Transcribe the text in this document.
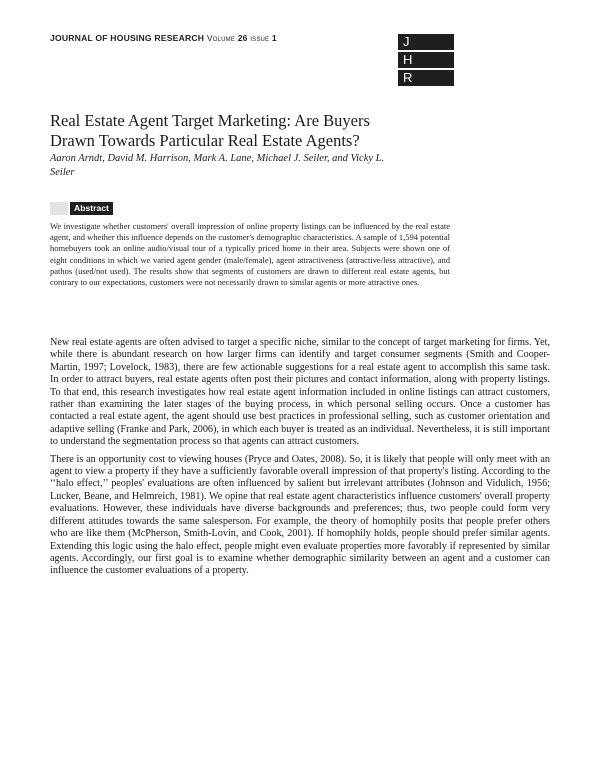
JOURNAL OF HOUSING RESEARCH Volume 26 issue 1	J
H
R
Real Estate Agent Target Marketing: Are Buyers
Drawn Towards Particular Real Estate Agents?
Aaron Arndt, David M. Harrison, Mark A. Lane, Michael J. Seiler, and Vicky L.
Seiler
Abstract
We investigate whether customers' overall impression of online property listings can be influenced by the real estate agent, and whether this influence depends on the customer's demographic characteristics. A sample of 1,594 potential homebuyers took an online audio/visual tour of a typically priced home in their area. Subjects were shown one of eight conditions in which we varied agent gender (male/female), agent attractiveness (attractive/less attractive), and pathos (used/not used). The results show that segments of customers are drawn to different real estate agents, but contrary to our expectations, customers were not necessarily drawn to similar agents or more attractive ones.

New real estate agents are often advised to target a specific niche, similar to the concept of target marketing for firms. Yet, while there is abundant research on how larger firms can identify and target consumer segments (Smith and Cooper-Martin, 1997; Lovelock, 1983), there are few actionable suggestions for a real estate agent to accomplish this same task. In order to attract buyers, real estate agents often post their pictures and contact information, along with property listings. To that end, this research investigates how real estate agent information included in online listings can attract customers, rather than examining the later stages of the buying process, in which personal selling occurs. Once a customer has contacted a real estate agent, the agent should use best practices in professional selling, such as customer orientation and adaptive selling (Franke and Park, 2006), in which each buyer is treated as an individual. Nevertheless, it is still important to understand the segmentation process so that agents can attract customers.

There is an opportunity cost to viewing houses (Pryce and Oates, 2008). So, it is likely that people will only meet with an agent to view a property if they have a sufficiently favorable overall impression of that property's listing. According to the ‘‘halo effect,’’ peoples' evaluations are often influenced by salient but irrelevant attributes (Johnson and Vidulich, 1956; Lucker, Beane, and Helmreich, 1981). We opine that real estate agent characteristics influence customers' overall property evaluations. However, these individuals have diverse backgrounds and preferences; thus, two people could form very different attitudes towards the same salesperson. For example, the theory of homophily posits that people prefer others who are like them (McPherson, Smith-Lovin, and Cook, 2001). If homophily holds, people should prefer similar agents. Extending this logic using the halo effect, people might even evaluate properties more favorably if represented by similar agents. Accordingly, our first goal is to examine whether demographic similarity between an agent and a customer can influence the customer evaluations of a property.
